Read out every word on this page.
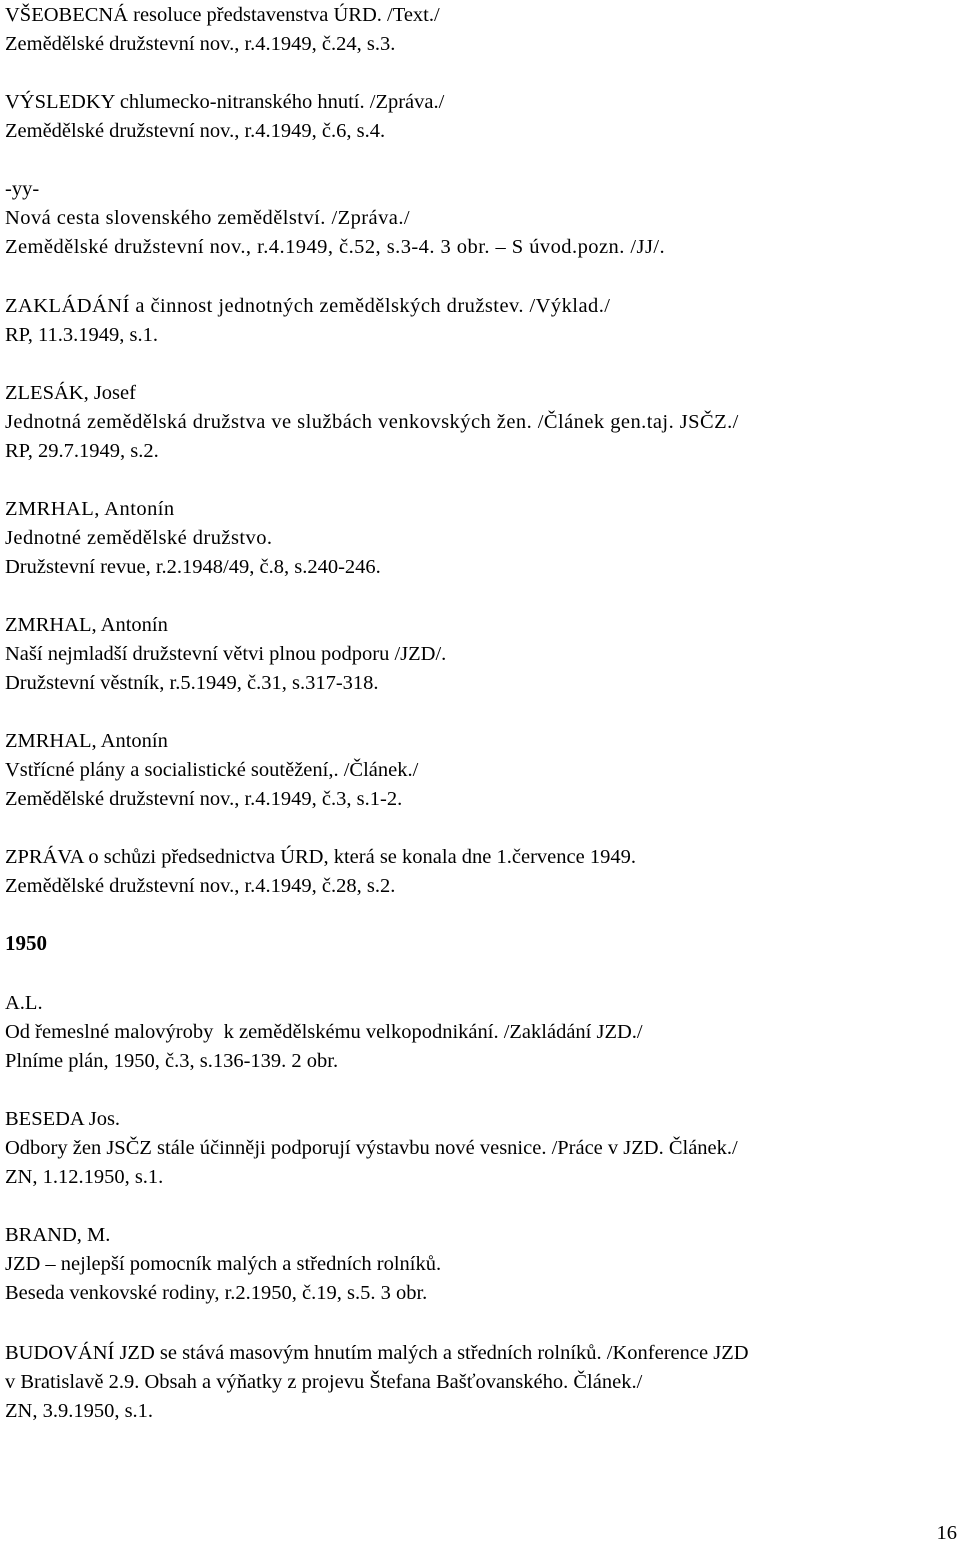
VŠEOBECNÁ resoluce představenstva ÚRD. /Text./
Zemědělské družstevní nov., r.4.1949, č.24, s.3.
VÝSLEDKY chlumecko-nitranského hnutí. /Zpráva./
Zemědělské družstevní nov., r.4.1949, č.6, s.4.
-yy-
Nová cesta slovenského zemědělství. /Zpráva./
Zemědělské družstevní nov., r.4.1949, č.52, s.3-4. 3 obr. – S úvod.pozn. /JJ/.
ZAKLÁDÁNÍ a činnost jednotných zemědělských družstev. /Výklad./
RP, 11.3.1949, s.1.
ZLESÁK, Josef
Jednotná zemědělská družstva ve službách venkovských žen. /Článek gen.taj. JSČZ./
RP, 29.7.1949, s.2.
ZMRHAL, Antonín
Jednotné zemědělské družstvo.
Družstevní revue, r.2.1948/49, č.8, s.240-246.
ZMRHAL, Antonín
Naší nejmladší družstevní větvi plnou podporu /JZD/.
Družstevní věstník, r.5.1949, č.31, s.317-318.
ZMRHAL, Antonín
Vstřícné plány a socialistické soutěžení,. /Článek./
Zemědělské družstevní nov., r.4.1949, č.3, s.1-2.
ZPRÁVA o schůzi předsednictva ÚRD, která se konala dne 1.července 1949.
Zemědělské družstevní nov., r.4.1949, č.28, s.2.
1950
A.L.
Od řemeslné malovýroby  k zemědělskému velkopodnikání. /Zakládání JZD./
Plníme plán, 1950, č.3, s.136-139. 2 obr.
BESEDA Jos.
Odbory žen JSČZ stále účinněji podporují výstavbu nové vesnice. /Práce v JZD. Článek./
ZN, 1.12.1950, s.1.
BRAND, M.
JZD – nejlepší pomocník malých a středních rolníků.
Beseda venkovské rodiny, r.2.1950, č.19, s.5. 3 obr.
BUDOVÁNÍ JZD se stává masovým hnutím malých a středních rolníků. /Konference JZD
v Bratislavě 2.9. Obsah a výňatky z projevu Štefana Bašťovanského. Článek./
ZN, 3.9.1950, s.1.
16
